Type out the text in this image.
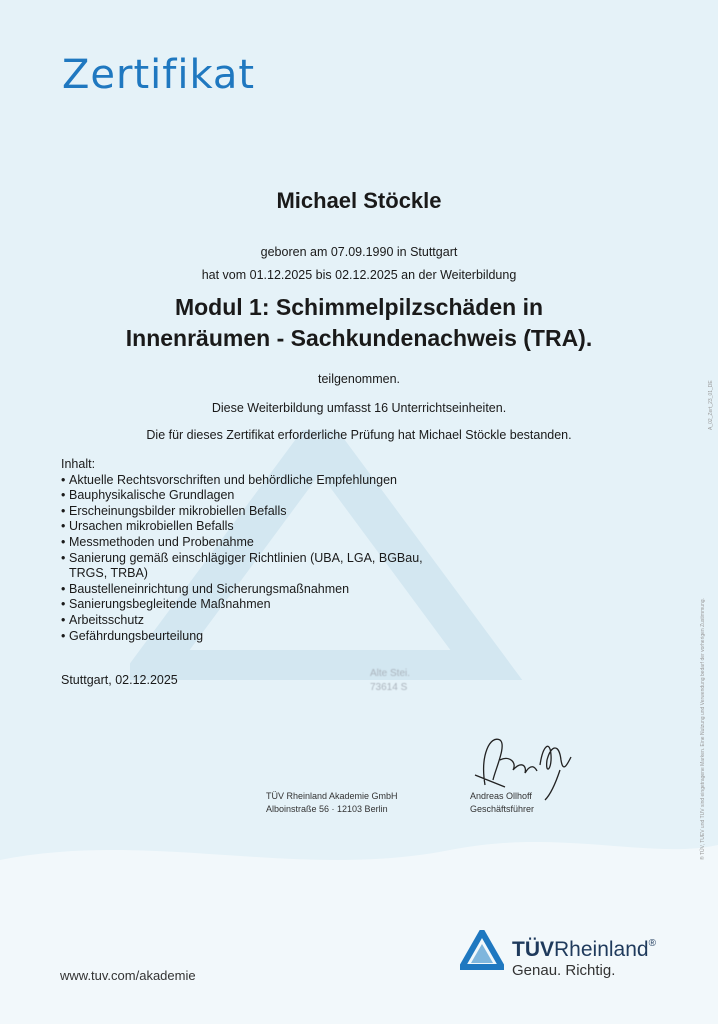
Zertifikat
Michael Stöckle
geboren am 07.09.1990 in Stuttgart
hat vom 01.12.2025 bis 02.12.2025 an der Weiterbildung
Modul 1: Schimmelpilzschäden in
Innenräumen - Sachkundenachweis (TRA).
teilgenommen.
Diese Weiterbildung umfasst 16 Unterrichtseinheiten.
Die für dieses Zertifikat erforderliche Prüfung hat Michael Stöckle bestanden.
Inhalt:
• Aktuelle Rechtsvorschriften und behördliche Empfehlungen
• Bauphysikalische Grundlagen
• Erscheinungsbilder mikrobiellen Befalls
• Ursachen mikrobiellen Befalls
• Messmethoden und Probenahme
• Sanierung gemäß einschlägiger Richtlinien (UBA, LGA, BGBau,
TRGS, TRBA)
• Baustelleneinrichtung und Sicherungsmaßnahmen
• Sanierungsbegleitende Maßnahmen
• Arbeitsschutz
• Gefährdungsbeurteilung
Stuttgart, 02.12.2025	Alte Stei.
73614 S
TÜV Rheinland Akademie GmbH
Alboinstraße 56 · 12103 Berlin
Andreas Ollhoff
Geschäftsführer
www.tuv.com/akademie
TÜVRheinland®
Genau. Richtig.
® TÜV, TUEV und TUV sind eingetragene Marken. Eine Nutzung und Verwendung bedarf der vorherigen Zustimmung.
A_02_Zert_23_01_DE
